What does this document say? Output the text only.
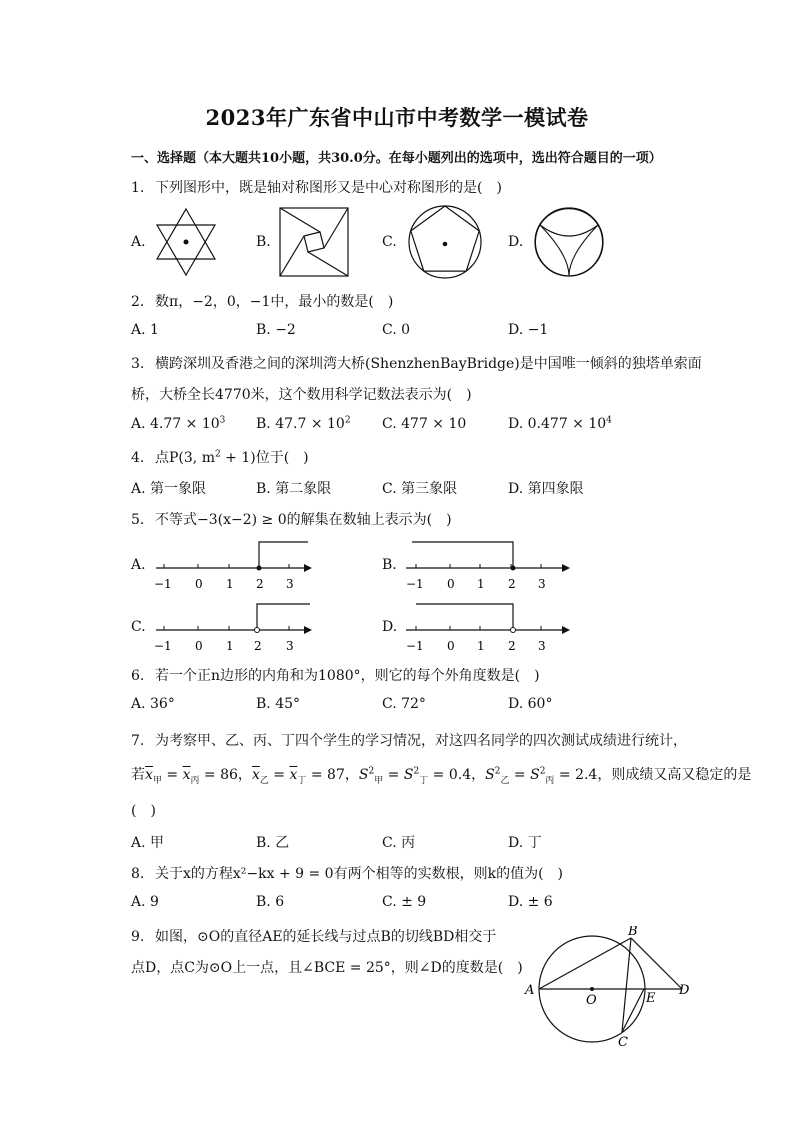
2023年广东省中山市中考数学一模试卷
一、选择题（本大题共10小题，共30.0分。在每小题列出的选项中，选出符合题目的一项）
1. 下列图形中，既是轴对称图形又是中心对称图形的是(　)
A.	B.	C.	D.
2. 数π，−2，0，−1中，最小的数是(　)
A. 1	B. −2	C. 0	D. −1
3. 横跨深圳及香港之间的深圳湾大桥(ShenzhenBayBridge)是中国唯一倾斜的独塔单索面
桥，大桥全长4770米，这个数用科学记数法表示为(　)
A. $4.77 \times 10^3$ B. $47.7 \times 10^2$ C. 477 × 10	D. $0.477 \times 10^4$
4. 点P(3, $m^2 + 1$)位于(　)
A. 第一象限	B. 第二象限	C. 第三象限	D. 第四象限
5. 不等式−3(x−2) ≥ 0的解集在数轴上表示为(　)
A.	B.
C.	D.
−1 0 1 2 3	−1 0 1 2 3
−1 0 1 2 3	−1 0 1 2 3
6. 若一个正n边形的内角和为1080°，则它的每个外角度数是(　)
A. 36°	B. 45°	C. 72°	D. 60°
7. 为考察甲、乙、丙、丁四个学生的学习情况，对这四名同学的四次测试成绩进行统计，
若$\overline{x}_甲 = \overline{x}_丙 = 86$，$\overline{x}_乙 = \overline{x}_丁 = 87$，$S^2_甲 = S^2_丁 = 0.4$，$S^2_乙 = S^2_丙 = 2.4$，则成绩又高又稳定的是
(　)
A. 甲	B. 乙	C. 丙	D. 丁
8. 关于x的方程x²−kx + 9 = 0有两个相等的实数根，则k的值为(　)
A. 9	B. 6	C. ± 9	D. ± 6
9. 如图，⊙O的直径AE的延长线与过点B的切线BD相交于
点D，点C为⊙O上一点，且∠BCE = 25°，则∠D的度数是(　)
A
B
O	E
D
C
